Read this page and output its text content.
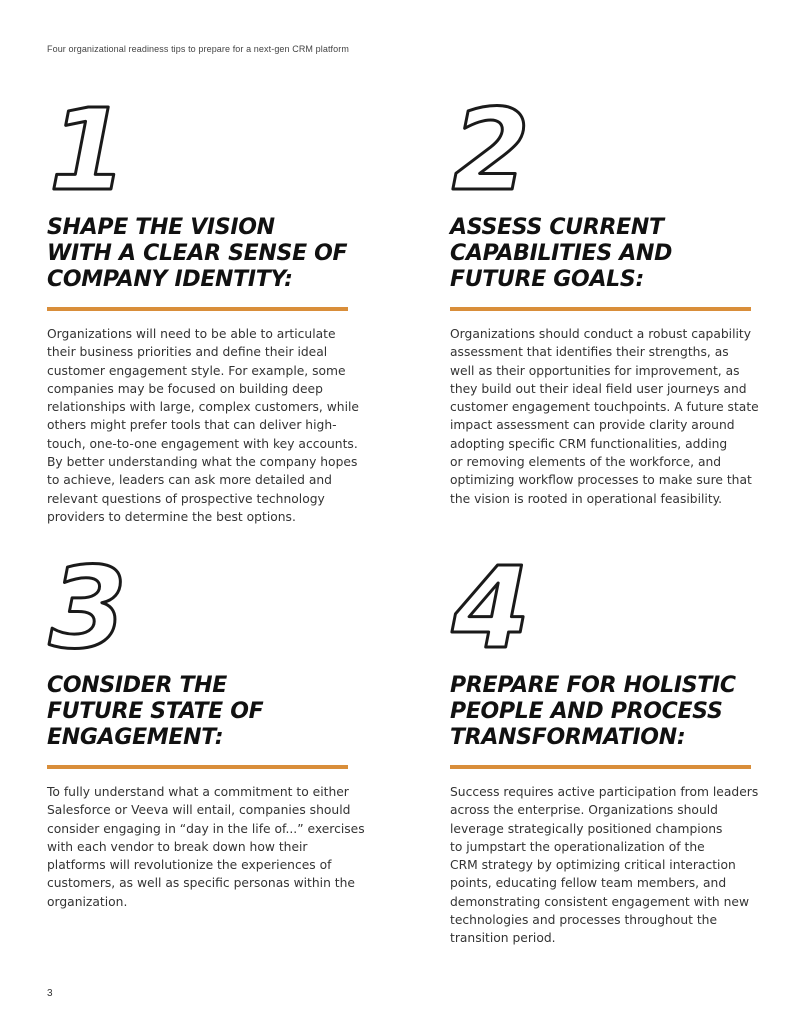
Four organizational readiness tips to prepare for a next-gen CRM platform
1
SHAPE THE VISION
WITH A CLEAR SENSE OF
COMPANY IDENTITY:

Organizations will need to be able to articulate
their business priorities and define their ideal
customer engagement style. For example, some
companies may be focused on building deep
relationships with large, complex customers, while
others might prefer tools that can deliver high-
touch, one-to-one engagement with key accounts.
By better understanding what the company hopes
to achieve, leaders can ask more detailed and
relevant questions of prospective technology
providers to determine the best options.

2
ASSESS CURRENT
CAPABILITIES AND
FUTURE GOALS:

Organizations should conduct a robust capability
assessment that identifies their strengths, as
well as their opportunities for improvement, as
they build out their ideal field user journeys and
customer engagement touchpoints. A future state
impact assessment can provide clarity around
adopting specific CRM functionalities, adding
or removing elements of the workforce, and
optimizing workflow processes to make sure that
the vision is rooted in operational feasibility.

3
CONSIDER THE
FUTURE STATE OF
ENGAGEMENT:

To fully understand what a commitment to either
Salesforce or Veeva will entail, companies should
consider engaging in “day in the life of...” exercises
with each vendor to break down how their
platforms will revolutionize the experiences of
customers, as well as specific personas within the
organization.

4
PREPARE FOR HOLISTIC
PEOPLE AND PROCESS
TRANSFORMATION:

Success requires active participation from leaders
across the enterprise. Organizations should
leverage strategically positioned champions
to jumpstart the operationalization of the
CRM strategy by optimizing critical interaction
points, educating fellow team members, and
demonstrating consistent engagement with new
technologies and processes throughout the
transition period.

3
